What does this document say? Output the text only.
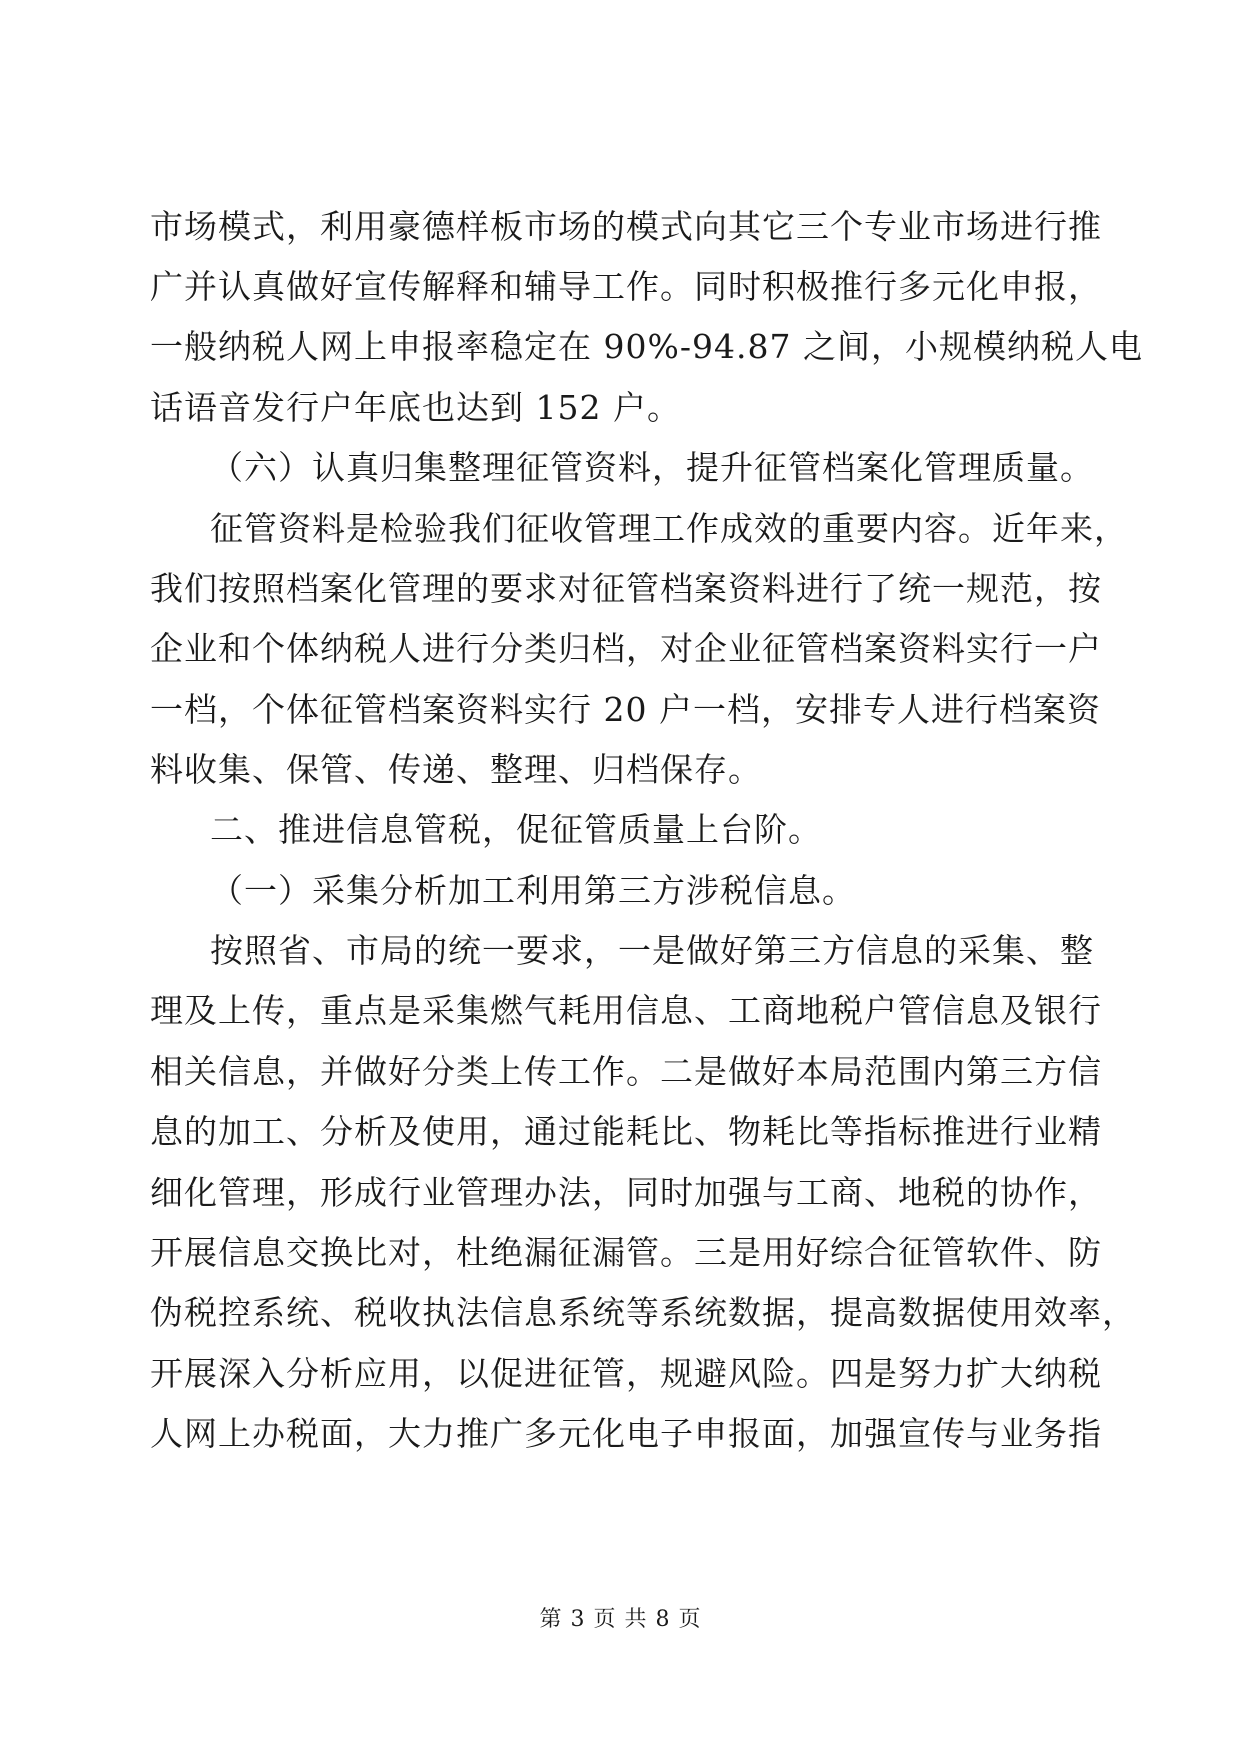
市场模式，利用豪德样板市场的模式向其它三个专业市场进行推
广并认真做好宣传解释和辅导工作。同时积极推行多元化申报，
一般纳税人网上申报率稳定在 90%-94.87 之间，小规模纳税人电
话语音发行户年底也达到 152 户。
（六）认真归集整理征管资料，提升征管档案化管理质量。
征管资料是检验我们征收管理工作成效的重要内容。近年来，
我们按照档案化管理的要求对征管档案资料进行了统一规范，按
企业和个体纳税人进行分类归档，对企业征管档案资料实行一户
一档，个体征管档案资料实行 20 户一档，安排专人进行档案资
料收集、保管、传递、整理、归档保存。
二、推进信息管税，促征管质量上台阶。
（一）采集分析加工利用第三方涉税信息。
按照省、市局的统一要求，一是做好第三方信息的采集、整
理及上传，重点是采集燃气耗用信息、工商地税户管信息及银行
相关信息，并做好分类上传工作。二是做好本局范围内第三方信
息的加工、分析及使用，通过能耗比、物耗比等指标推进行业精
细化管理，形成行业管理办法，同时加强与工商、地税的协作，
开展信息交换比对，杜绝漏征漏管。三是用好综合征管软件、防
伪税控系统、税收执法信息系统等系统数据，提高数据使用效率，
开展深入分析应用，以促进征管，规避风险。四是努力扩大纳税
人网上办税面，大力推广多元化电子申报面，加强宣传与业务指
第 3 页 共 8 页
